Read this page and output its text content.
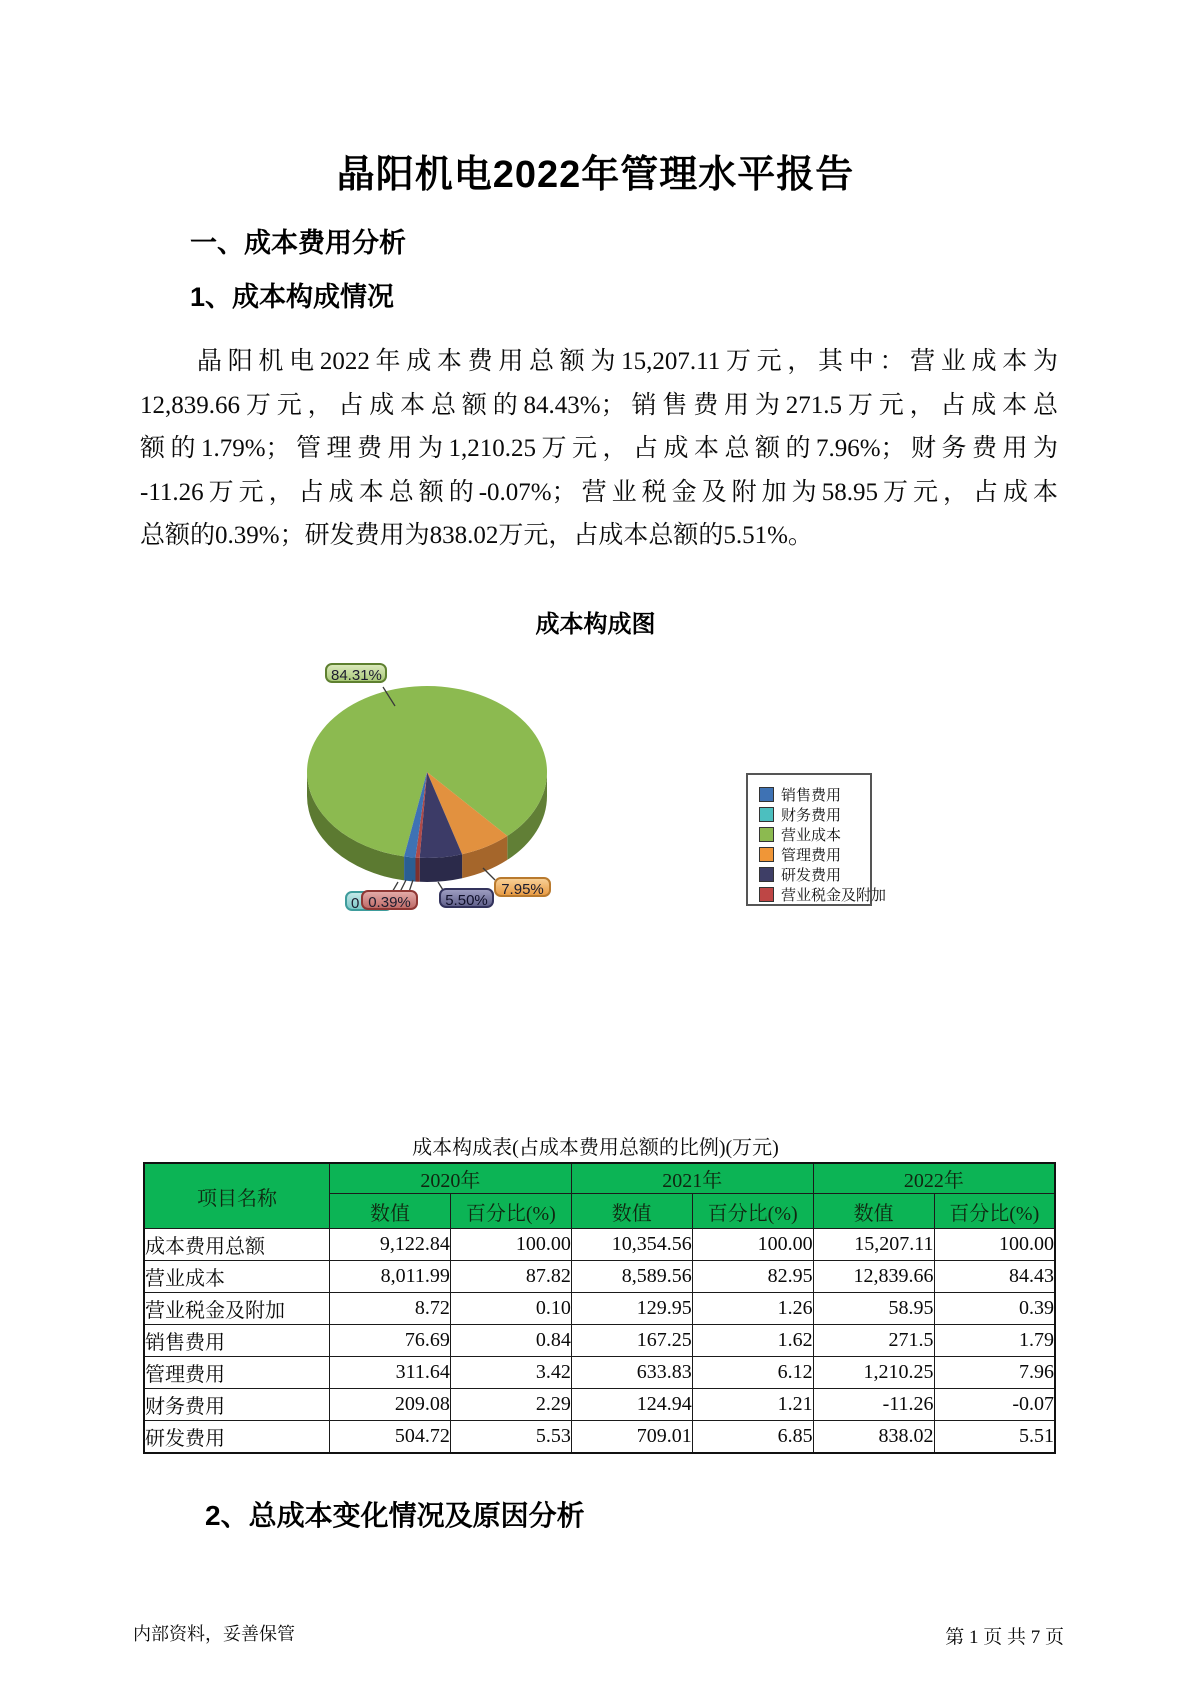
晶阳机电2022年管理水平报告
一、成本费用分析
1、成本构成情况
晶阳机电2022年成本费用总额为15,207.11万元，其中：营业成本为
12,839.66万元，占成本总额的84.43%；销售费用为271.5万元，占成本总
额的1.79%；管理费用为1,210.25万元，占成本总额的7.96%；财务费用为
-11.26万元，占成本总额的-0.07%；营业税金及附加为58.95万元，占成本
总额的0.39%；研发费用为838.02万元，占成本总额的5.51%。
成本构成图
84.31%
0 0.39%	5.50%
7.95%
销售费用
财务费用
营业成本
管理费用
研发费用
营业税金及附加
成本构成表(占成本费用总额的比例)(万元)
项目名称	2020年		2021年		2022年	
	数值	百分比(%)	数值	百分比(%)	数值	百分比(%)
成本费用总额	9,122.84	100.00	10,354.56	100.00	15,207.11	100.00
营业成本	8,011.99	87.82	8,589.56	82.95	12,839.66	84.43
营业税金及附加	8.72	0.10	129.95	1.26	58.95	0.39
销售费用	76.69	0.84	167.25	1.62	271.5	1.79
管理费用	311.64	3.42	633.83	6.12	1,210.25	7.96
财务费用	209.08	2.29	124.94	1.21	-11.26	-0.07
研发费用	504.72	5.53	709.01	6.85	838.02	5.51
2、总成本变化情况及原因分析
内部资料，妥善保管	第 1 页 共 7 页
